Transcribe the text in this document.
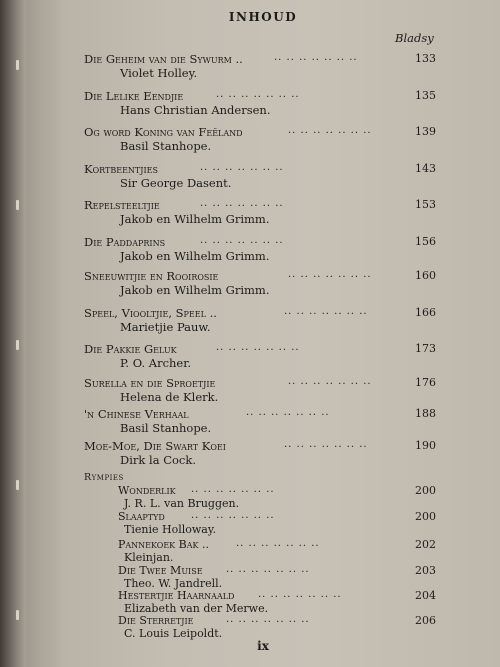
INHOUD
Bladsy
Die Geheim van die Sywurm ..	.. .. .. .. .. .. ..	133
Violet Holley.
Die Lelike Eendjie	.. .. .. .. .. .. ..	135
Hans Christian Andersen.
Og word Koning van Feëland	.. .. .. .. .. .. ..	139
Basil Stanhope.
Kortbeentjies	.. .. .. .. .. .. ..	143
Sir George Dasent.
Repelsteeltjie	.. .. .. .. .. .. ..	153
Jakob en Wilhelm Grimm.
Die Paddaprins	.. .. .. .. .. .. ..	156
Jakob en Wilhelm Grimm.
Sneeuwitjie en Rooirosie	.. .. .. .. .. .. ..	160
Jakob en Wilhelm Grimm.
Speel, Viooltjie, Speel ..	.. .. .. .. .. .. ..	166
Marietjie Pauw.
Die Pakkie Geluk	.. .. .. .. .. .. ..	173
P. O. Archer.
Surella en die Sproetjie	.. .. .. .. .. .. ..	176
Helena de Klerk.
'n Chinese Verhaal	.. .. .. .. .. .. ..	188
Basil Stanhope.
Moe-Moe, Die Swart Koei	.. .. .. .. .. .. ..	190
Dirk la Cock.
Rympies
Wonderlik .. .. .. .. .. .. ..	200
J. R. L. van Bruggen.
Slaaptyd	.. .. .. .. .. .. ..	200
Tienie Holloway.
Pannekoek Bak ..	.. .. .. .. .. .. ..	202
Kleinjan.
Die Twee Muise .. .. .. .. .. .. ..	203
Theo. W. Jandrell.
Hestertjie Haarnaald .. .. .. .. .. .. ..	204
Elizabeth van der Merwe.
Die Sterretjie	.. .. .. .. .. .. ..	206
C. Louis Leipoldt.
ix
